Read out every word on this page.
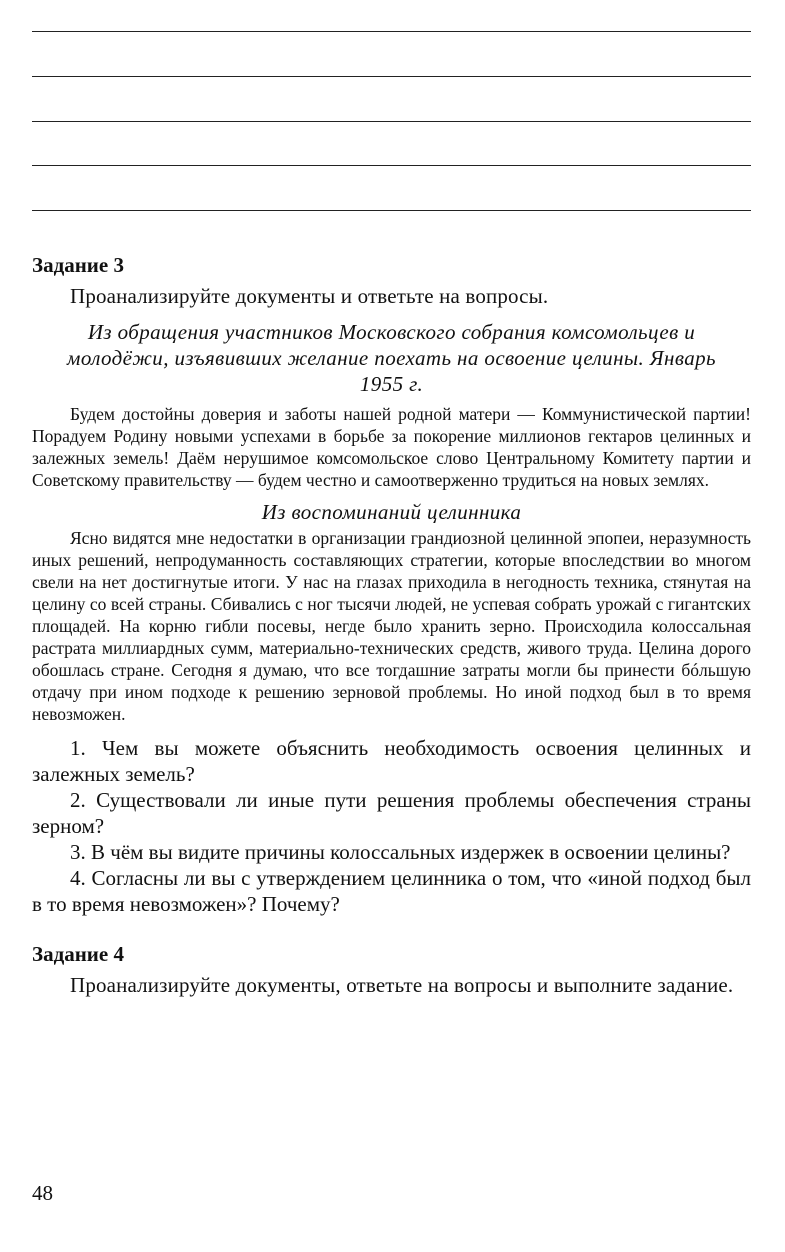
Задание 3

Проанализируйте документы и ответьте на вопросы.

Из обращения участников Московского собрания комсомольцев и молодёжи, изъявивших желание поехать на освоение целины. Январь 1955 г.

Будем достойны доверия и заботы нашей родной матери — Коммунистической партии! Порадуем Родину новыми успехами в борьбе за покорение миллионов гектаров целинных и залежных земель! Даём нерушимое комсомольское слово Центральному Комитету партии и Советскому правительству — будем честно и самоотверженно трудиться на новых землях.

Из воспоминаний целинника

Ясно видятся мне недостатки в организации грандиозной целинной эпопеи, неразумность иных решений, непродуманность составляющих стратегии, которые впоследствии во многом свели на нет достигнутые итоги. У нас на глазах приходила в негодность техника, стянутая на целину со всей страны. Сбивались с ног тысячи людей, не успевая собрать урожай с гигантских площадей. На корню гибли посевы, негде было хранить зерно. Происходила колоссальная растрата миллиардных сумм, материально-технических средств, живого труда. Целина дорого обошлась стране. Сегодня я думаю, что все тогдашние затраты могли бы принести бóльшую отдачу при ином подходе к решению зерновой проблемы. Но иной подход был в то время невозможен.

1. Чем вы можете объяснить необходимость освоения целинных и залежных земель?

2. Существовали ли иные пути решения проблемы обеспечения страны зерном?

3. В чём вы видите причины колоссальных издержек в освоении целины?

4. Согласны ли вы с утверждением целинника о том, что «иной подход был в то время невозможен»? Почему?

Задание 4

Проанализируйте документы, ответьте на вопросы и выполните задание.

48
